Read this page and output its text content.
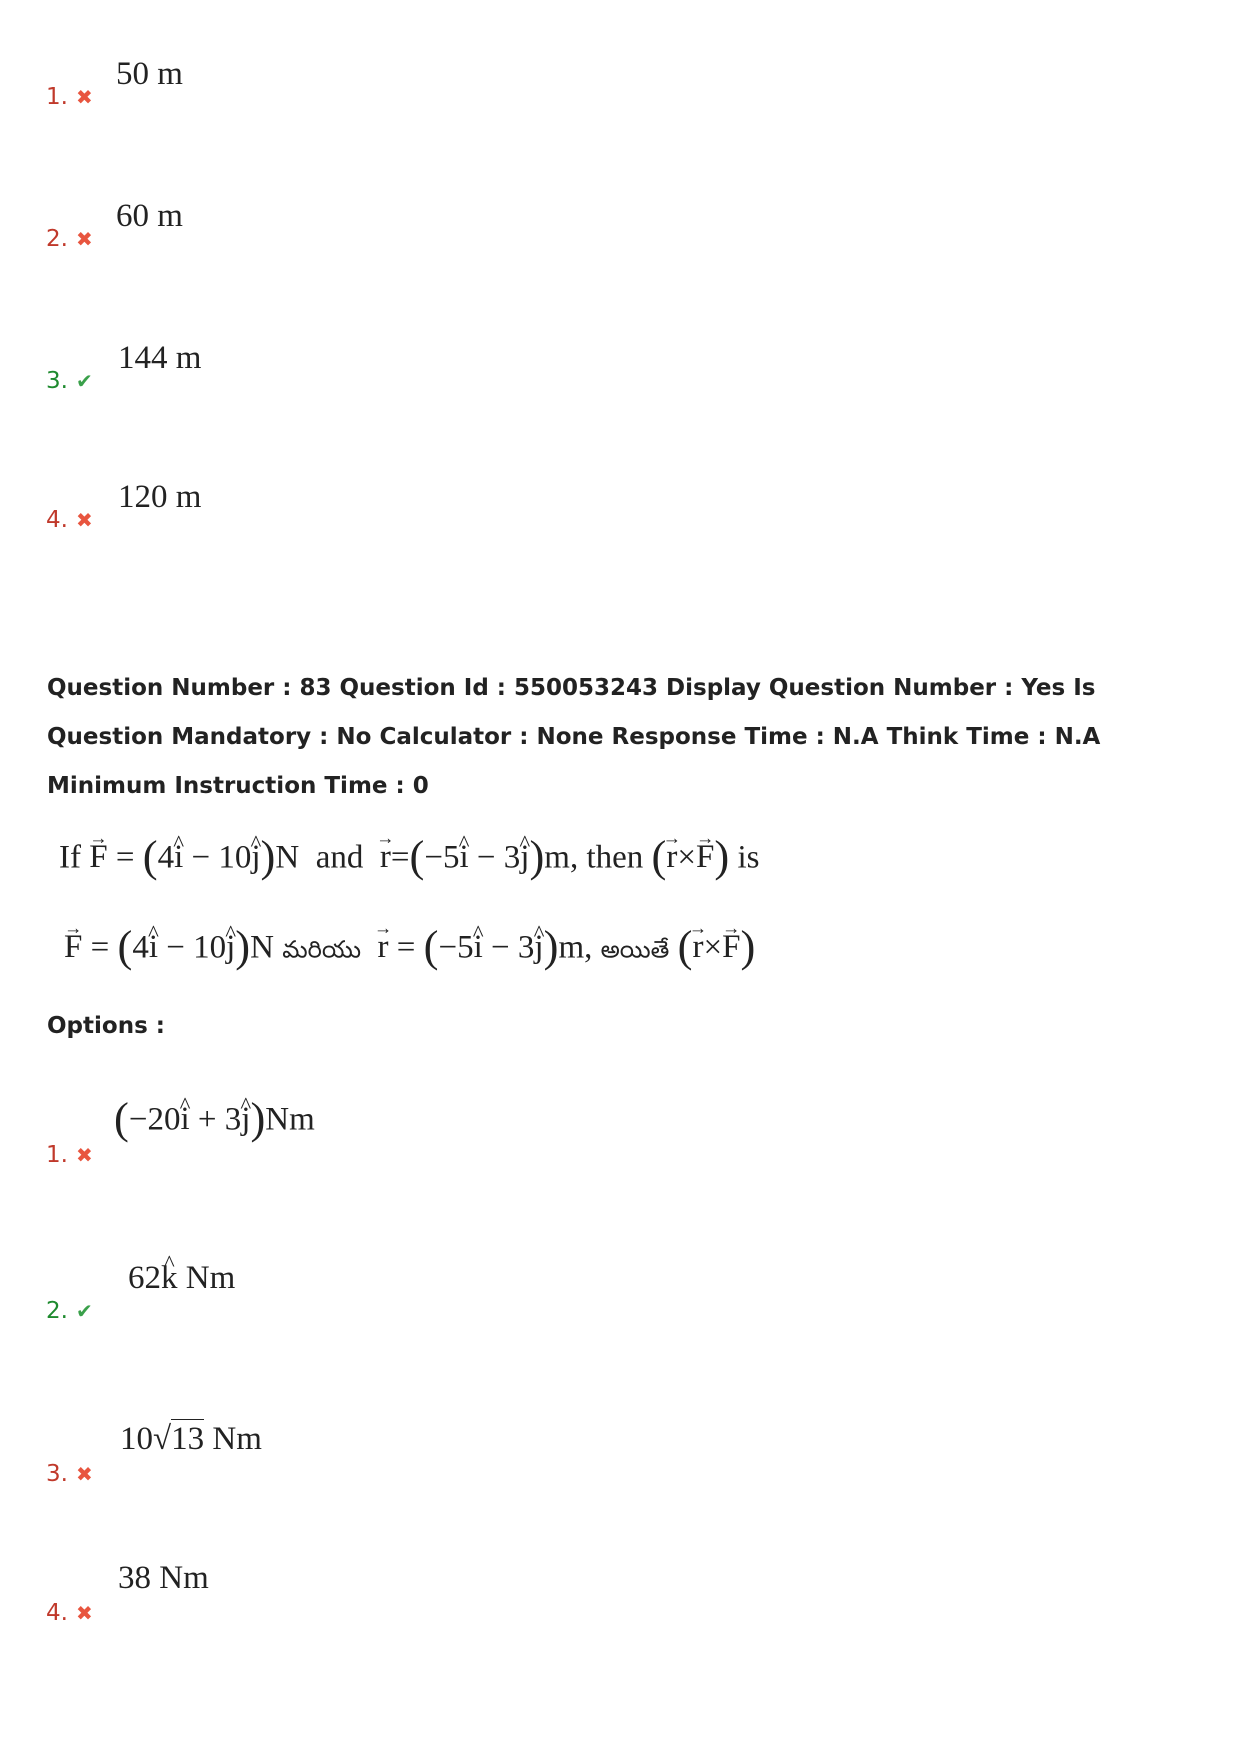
1. ✖
50 m
2. ✖
60 m
3. ✔
144 m
4. ✖
120 m
Question Number : 83 Question Id : 550053243 Display Question Number : Yes Is Question Mandatory : No Calculator : None Response Time : N.A Think Time : N.A Minimum Instruction Time : 0
If → F = (4^ i − 10^ j)N and → r=(−5^ i − 3^ j)m, then (→ r×→ F) is
→ F = (4^ i − 10^ j)N మరియు → r = (−5^ i − 3^ j)m, అయితే (→ r×→ F)
Options :
1. ✖
(−20^ i + 3^ j)Nm
2. ✔
62^ k Nm
3. ✖
10√13 Nm
4. ✖
38 Nm
